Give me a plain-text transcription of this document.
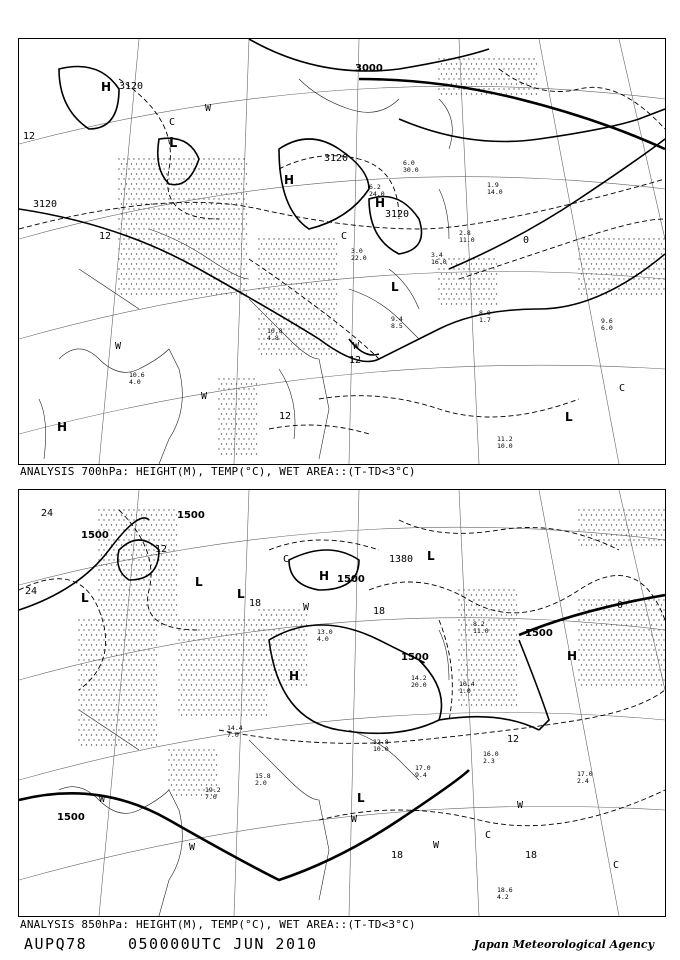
3000
3120
3120
3120
3120
12
12
12
12
0
H
L
H
H
L
H
L
C
C
C
W
W
W
W
9.6
6.0
11.2
10.0
8.0
1.7
1.9
14.0
6.2
24.0
3.0
22.0
6.0
30.0
10.6
4.0
10.8
4.8
2.8
11.0
3.4
16.0
9.4
8.5
ANALYSIS 700hPa: HEIGHT(M), TEMP(°C), WET AREA::(T-TD<3°C)
1500
1500
1500
1500
1500
1500
1380
24
24
18
18
18	18
12
12
0
H
H
L
L
L
L
L
H
C
C
C
W
W
W
W
W
W
18.6
4.2
17.0
2.4
16.0
2.3
14.2
20.0
13.0
4.0
10.4
1.0
12.8
10.0
19.2
7.0
15.8
2.0
14.4
7.0
17.0
9.4
8.2
11.0
ANALYSIS 850hPa: HEIGHT(M), TEMP(°C), WET AREA::(T-TD<3°C)
AUPQ78	050000UTC JUN 2010	Japan Meteorological Agency
